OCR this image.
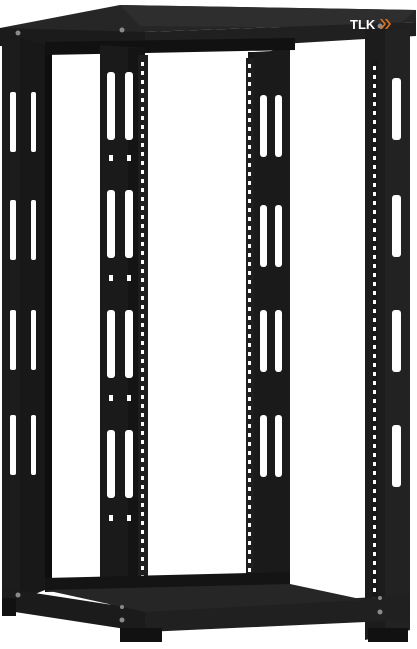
TLK
